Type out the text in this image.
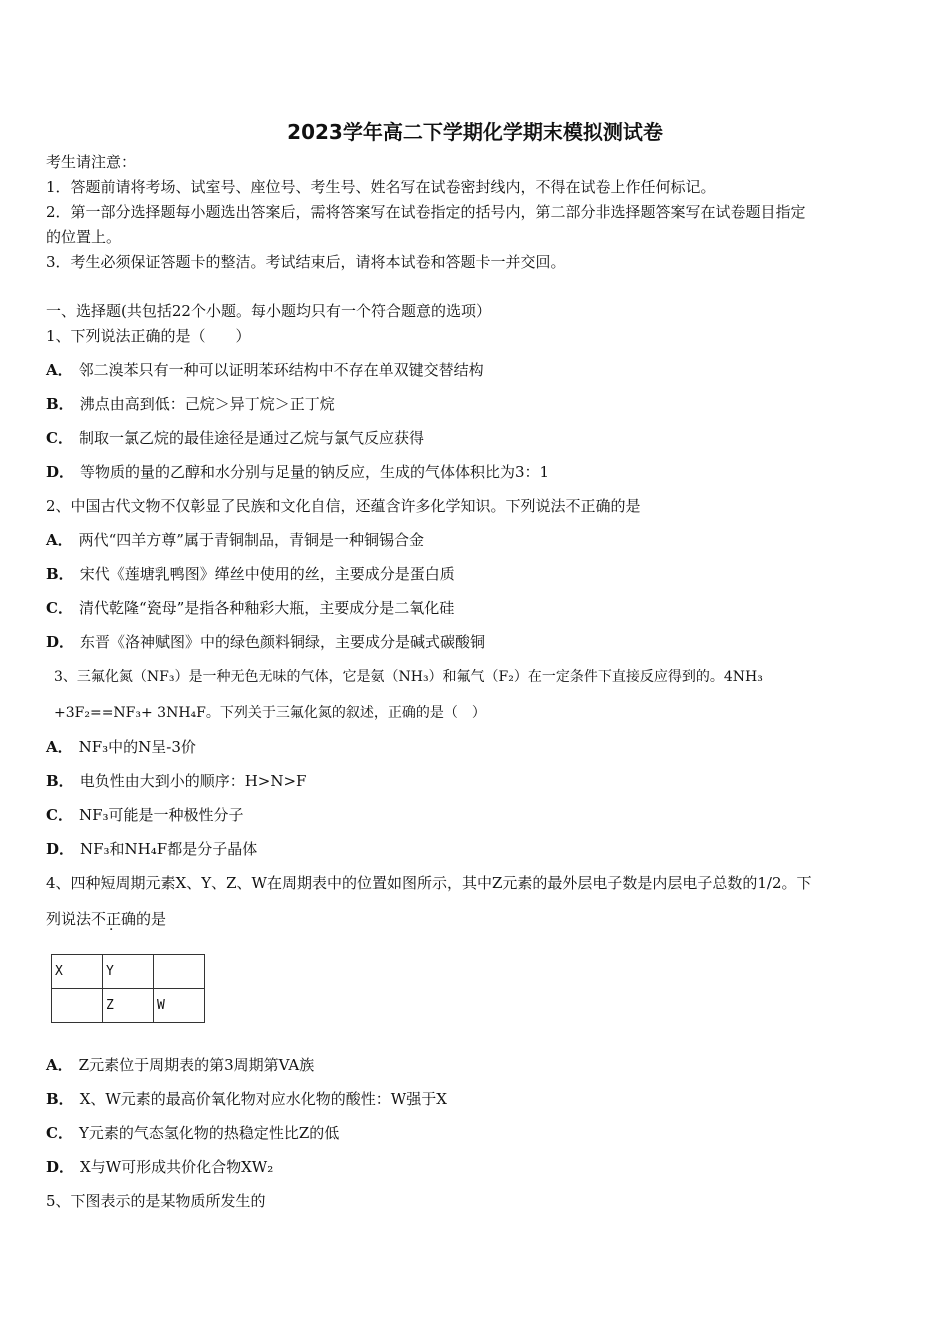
2023学年高二下学期化学期末模拟测试卷
考生请注意：
1．答题前请将考场、试室号、座位号、考生号、姓名写在试卷密封线内，不得在试卷上作任何标记。
2．第一部分选择题每小题选出答案后，需将答案写在试卷指定的括号内，第二部分非选择题答案写在试卷题目指定
的位置上。
3．考生必须保证答题卡的整洁。考试结束后，请将本试卷和答题卡一并交回。
一、选择题(共包括22个小题。每小题均只有一个符合题意的选项）
1、下列说法正确的是（　　）
A． 邻二溴苯只有一种可以证明苯环结构中不存在单双键交替结构
B． 沸点由高到低：己烷＞异丁烷＞正丁烷
C． 制取一氯乙烷的最佳途径是通过乙烷与氯气反应获得
D． 等物质的量的乙醇和水分别与足量的钠反应，生成的气体体积比为3：1
2、中国古代文物不仅彰显了民族和文化自信，还蕴含许多化学知识。下列说法不正确的是
A． 两代“四羊方尊”属于青铜制品，青铜是一种铜锡合金
B． 宋代《莲塘乳鸭图》缂丝中使用的丝，主要成分是蛋白质
C． 清代乾隆“瓷母”是指各种釉彩大瓶，主要成分是二氧化硅
D． 东晋《洛神赋图》中的绿色颜料铜绿，主要成分是碱式碳酸铜
3、三氟化氮（NF₃）是一种无色无味的气体，它是氨（NH₃）和氟气（F₂）在一定条件下直接反应得到的。4NH₃
+3F₂==NF₃+ 3NH₄F。下列关于三氟化氮的叙述，正确的是（　）
A． NF₃中的N呈-3价
B． 电负性由大到小的顺序：H>N>F
C． NF₃可能是一种极性分子
D． NF₃和NH₄F都是分子晶体
4、四种短周期元素X、Y、Z、W在周期表中的位置如图所示，其中Z元素的最外层电子数是内层电子总数的1/2。下
列说法不正确的是
X	Y	
	Z	W
A． Z元素位于周期表的第3周期第VA族
B． X、W元素的最高价氧化物对应水化物的酸性：W强于X
C． Y元素的气态氢化物的热稳定性比Z的低
D． X与W可形成共价化合物XW₂
5、下图表示的是某物质所发生的
